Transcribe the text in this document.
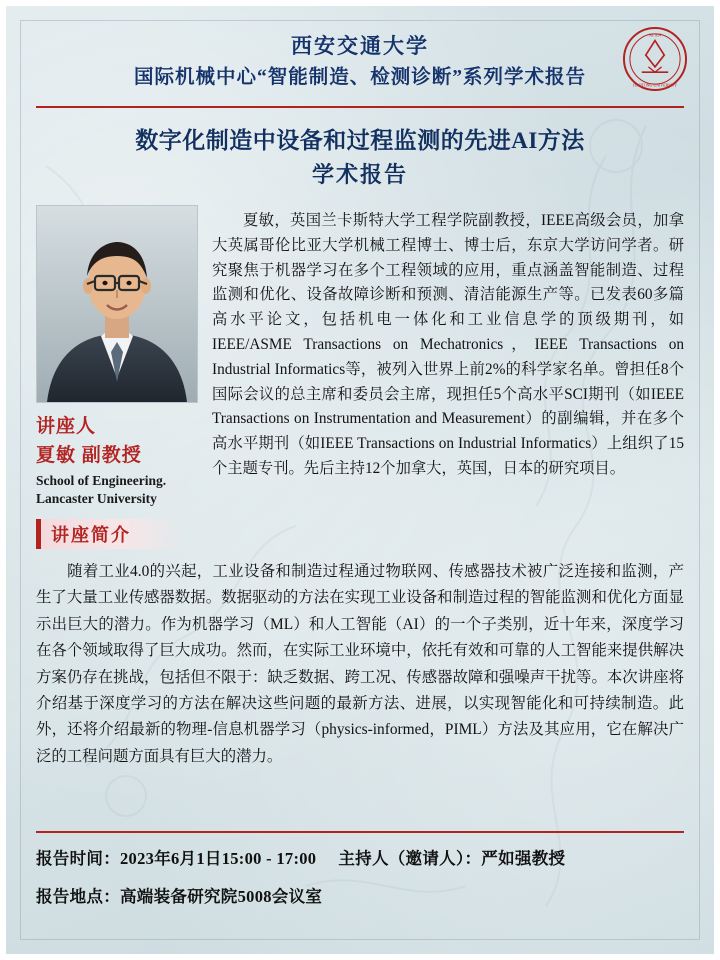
西安交通大学
国际机械中心“智能制造、检测诊断”系列学术报告
XI'AN
JIAOTONG UNIVERSITY
数字化制造中设备和过程监测的先进AI方法
学术报告
讲座人
夏敏 副教授
School of Engineering.
Lancaster University
夏敏，英国兰卡斯特大学工程学院副教授，IEEE高级会员，加拿大英属哥伦比亚大学机械工程博士、博士后，东京大学访问学者。研究聚焦于机器学习在多个工程领域的应用，重点涵盖智能制造、过程监测和优化、设备故障诊断和预测、清洁能源生产等。已发表60多篇高水平论文，包括机电一体化和工业信息学的顶级期刊，如IEEE/ASME Transactions on Mechatronics，IEEE Transactions on Industrial Informatics等，被列入世界上前2%的科学家名单。曾担任8个国际会议的总主席和委员会主席，现担任5个高水平SCI期刊（如IEEE Transactions on Instrumentation and Measurement）的副编辑，并在多个高水平期刊（如IEEE Transactions on Industrial Informatics）上组织了15个主题专刊。先后主持12个加拿大，英国，日本的研究项目。
讲座简介
随着工业4.0的兴起，工业设备和制造过程通过物联网、传感器技术被广泛连接和监测，产生了大量工业传感器数据。数据驱动的方法在实现工业设备和制造过程的智能监测和优化方面显示出巨大的潜力。作为机器学习（ML）和人工智能（AI）的一个子类别，近十年来，深度学习在各个领域取得了巨大成功。然而，在实际工业环境中，依托有效和可靠的人工智能来提供解决方案仍存在挑战，包括但不限于：缺乏数据、跨工况、传感器故障和强噪声干扰等。本次讲座将介绍基于深度学习的方法在解决这些问题的最新方法、进展，以实现智能化和可持续制造。此外，还将介绍最新的物理-信息机器学习（physics-informed，PIML）方法及其应用，它在解决广泛的工程问题方面具有巨大的潜力。
报告时间：2023年6月1日15:00 - 17:00 主持人（邀请人）：严如强教授
报告地点：高端装备研究院5008会议室
